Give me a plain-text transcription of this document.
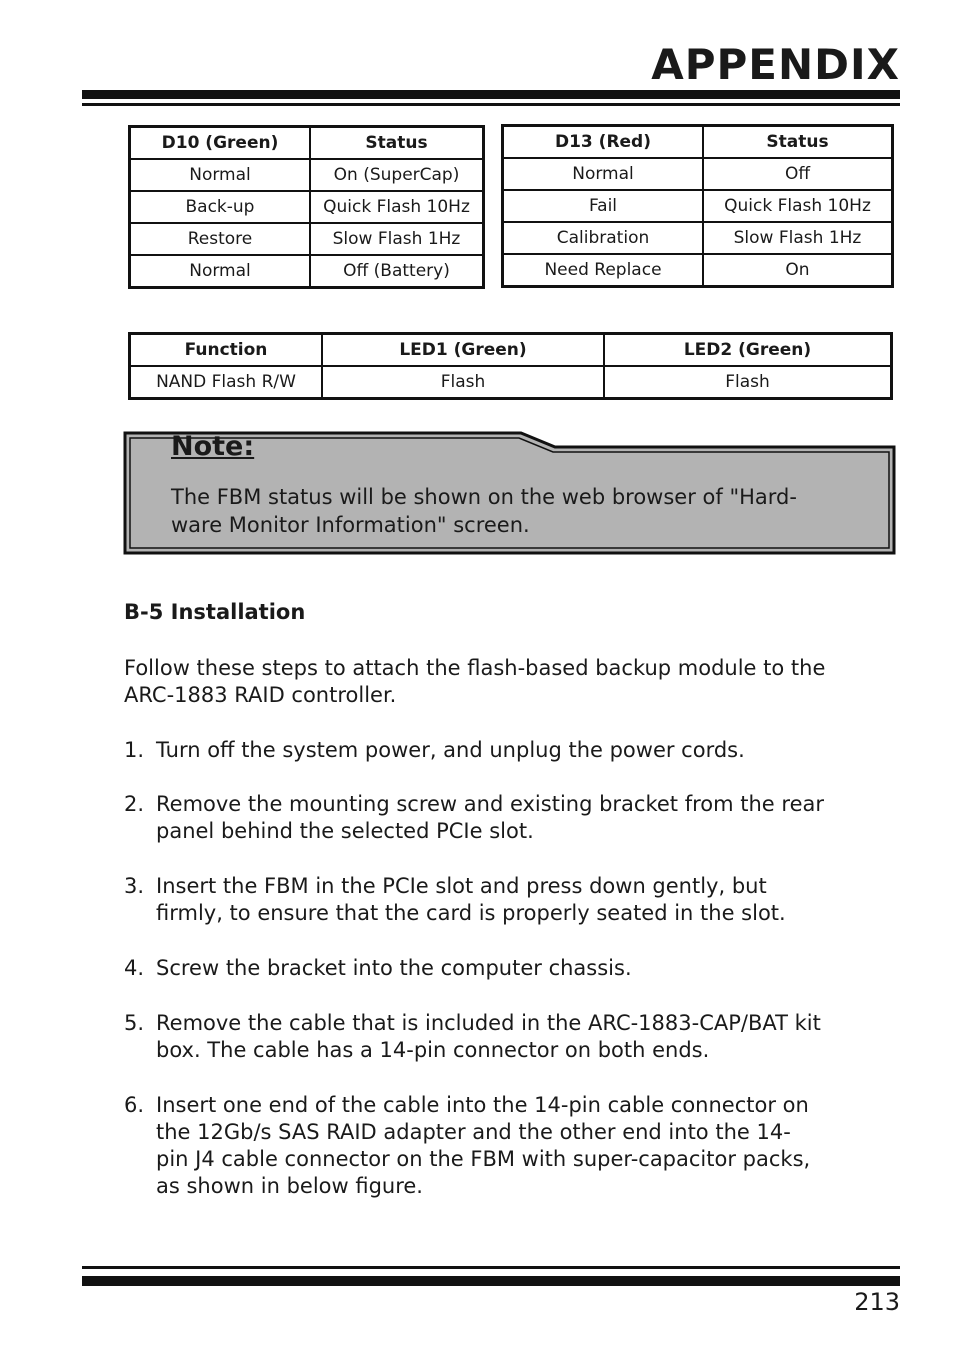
APPENDIX
D10 (Green)	Status
Normal	On (SuperCap)
Back-up	Quick Flash 10Hz
Restore	Slow Flash 1Hz
Normal	Off (Battery)
D13 (Red)	Status
Normal	Off
Fail	Quick Flash 10Hz
Calibration	Slow Flash 1Hz
Need Replace	On
Function	LED1 (Green)	LED2 (Green)
NAND Flash R/W	Flash	Flash
Note:
The FBM status will be shown on the web browser of "Hard-
ware Monitor Information" screen.
B-5 Installation
Follow these steps to attach the flash-based backup module to the
ARC-1883 RAID controller.
1. Turn off the system power, and unplug the power cords.
2. Remove the mounting screw and existing bracket from the rear
panel behind the selected PCIe slot.
3. Insert the FBM in the PCIe slot and press down gently, but
firmly, to ensure that the card is properly seated in the slot.
4. Screw the bracket into the computer chassis.
5. Remove the cable that is included in the ARC-1883-CAP/BAT kit
box. The cable has a 14-pin connector on both ends.
6. Insert one end of the cable into the 14-pin cable connector on
the 12Gb/s SAS RAID adapter and the other end into the 14-
pin J4 cable connector on the FBM with super-capacitor packs,
as shown in below figure.
213
